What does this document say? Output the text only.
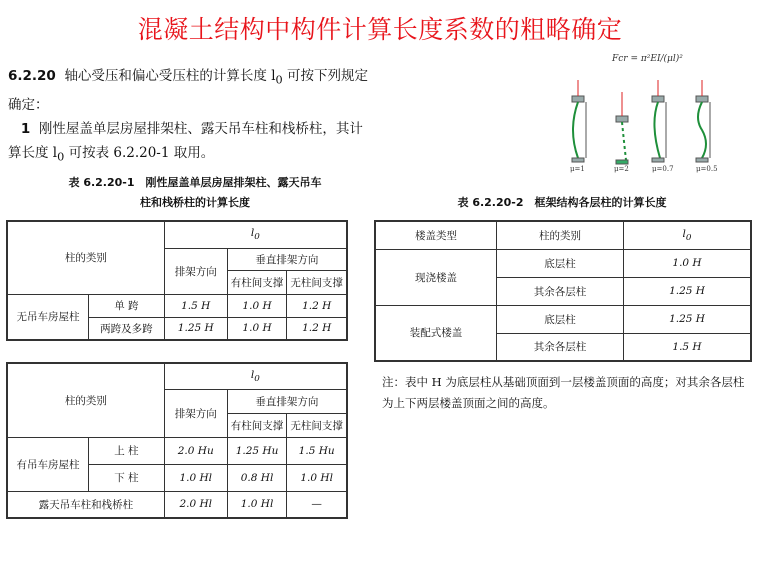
混凝土结构中构件计算长度系数的粗略确定
6.2.20 轴心受压和偏心受压柱的计算长度 $l_0$ 可按下列规定
确定：
1 刚性屋盖单层房屋排架柱、露天吊车柱和栈桥柱，其计
算长度 $l_0$ 可按表 6.2.20-1 取用。
表 6.2.20-1　刚性屋盖单层房屋排架柱、露天吊车
柱和栈桥柱的计算长度
柱的类别		$l_0$
		排架方向	垂直排架方向	
			有柱间支撑	无柱间支撑
无吊车房屋柱	单 跨	1.5 H	1.0 H	1.2 H
	两跨及多跨	1.25 H	1.0 H	1.2 H
柱的类别		$l_0$
		排架方向	垂直排架方向	
			有柱间支撑	无柱间支撑
有吊车房屋柱	上 柱	2.0 Hu	1.25 Hu	1.5 Hu
	下 柱	1.0 Hl	0.8 Hl	1.0 Hl
露天吊车柱和栈桥柱		2.0 Hl	1.0 Hl	—
表 6.2.20-2　框架结构各层柱的计算长度
楼盖类型	柱的类别	$l_0$
现浇楼盖	底层柱	1.0 H
	其余各层柱	1.25 H
装配式楼盖	底层柱	1.25 H
	其余各层柱	1.5 H
注：表中 H 为底层柱从基础顶面到一层楼盖顶面的高度；对其余各层柱为上下两层楼盖顶面之间的高度。
Fcr = π²EI/(μl)²
μ=1	μ=2	μ=0.7	μ=0.5
